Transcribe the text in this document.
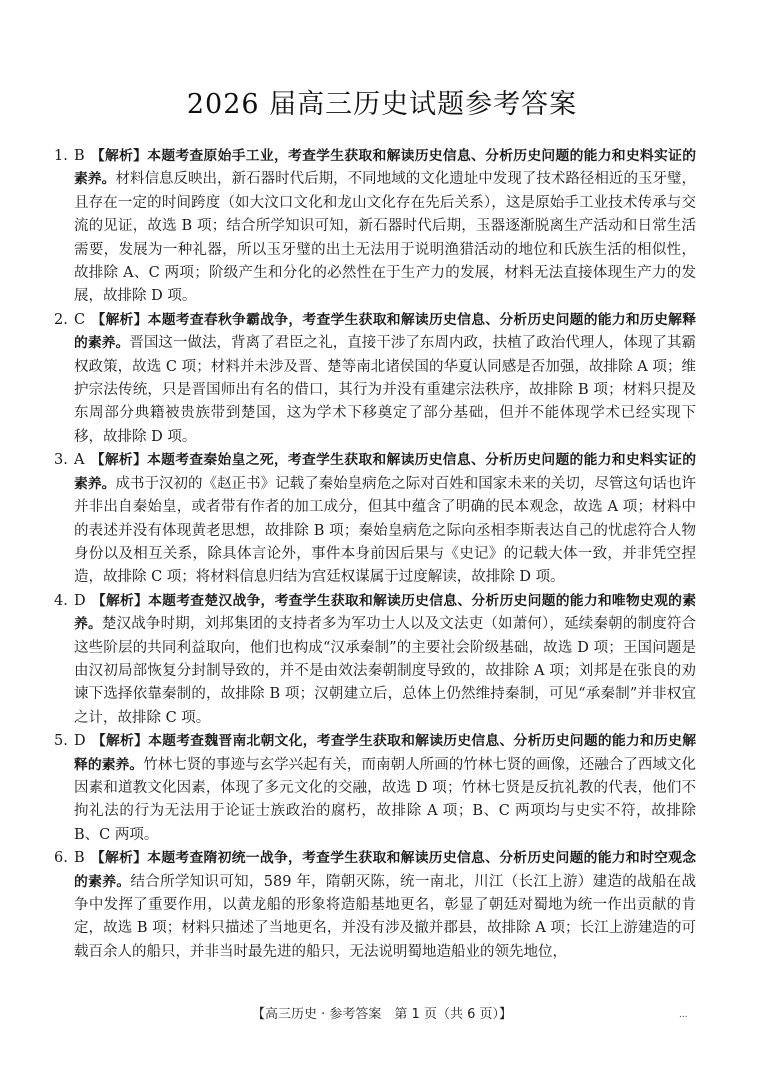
2026 届高三历史试题参考答案
1. B 【解析】本题考查原始手工业，考查学生获取和解读历史信息、分析历史问题的能力和史料实证的素养。材料信息反映出，新石器时代后期，不同地域的文化遗址中发现了技术路径相近的玉牙璧，且存在一定的时间跨度（如大汶口文化和龙山文化存在先后关系），这是原始手工业技术传承与交流的见证，故选 B 项；结合所学知识可知，新石器时代后期，玉器逐渐脱离生产活动和日常生活需要，发展为一种礼器，所以玉牙璧的出土无法用于说明渔猎活动的地位和氏族生活的相似性，故排除 A、C 两项；阶级产生和分化的必然性在于生产力的发展，材料无法直接体现生产力的发展，故排除 D 项。
2. C 【解析】本题考查春秋争霸战争，考查学生获取和解读历史信息、分析历史问题的能力和历史解释的素养。晋国这一做法，背离了君臣之礼，直接干涉了东周内政，扶植了政治代理人，体现了其霸权政策，故选 C 项；材料并未涉及晋、楚等南北诸侯国的华夏认同感是否加强，故排除 A 项；维护宗法传统，只是晋国师出有名的借口，其行为并没有重建宗法秩序，故排除 B 项；材料只提及东周部分典籍被贵族带到楚国，这为学术下移奠定了部分基础，但并不能体现学术已经实现下移，故排除 D 项。
3. A 【解析】本题考查秦始皇之死，考查学生获取和解读历史信息、分析历史问题的能力和史料实证的素养。成书于汉初的《赵正书》记载了秦始皇病危之际对百姓和国家未来的关切，尽管这句话也许并非出自秦始皇，或者带有作者的加工成分，但其中蕴含了明确的民本观念，故选 A 项；材料中的表述并没有体现黄老思想，故排除 B 项；秦始皇病危之际向丞相李斯表达自己的忧虑符合人物身份以及相互关系，除具体言论外，事件本身前因后果与《史记》的记载大体一致，并非凭空捏造，故排除 C 项；将材料信息归结为宫廷权谋属于过度解读，故排除 D 项。
4. D 【解析】本题考查楚汉战争，考查学生获取和解读历史信息、分析历史问题的能力和唯物史观的素养。楚汉战争时期，刘邦集团的支持者多为军功士人以及文法吏（如萧何），延续秦朝的制度符合这些阶层的共同利益取向，他们也构成“汉承秦制”的主要社会阶级基础，故选 D 项；王国问题是由汉初局部恢复分封制导致的，并不是由效法秦朝制度导致的，故排除 A 项；刘邦是在张良的劝谏下选择依靠秦制的，故排除 B 项；汉朝建立后，总体上仍然维持秦制，可见“承秦制”并非权宜之计，故排除 C 项。
5. D 【解析】本题考查魏晋南北朝文化，考查学生获取和解读历史信息、分析历史问题的能力和历史解释的素养。竹林七贤的事迹与玄学兴起有关，而南朝人所画的竹林七贤的画像，还融合了西域文化因素和道教文化因素，体现了多元文化的交融，故选 D 项；竹林七贤是反抗礼教的代表，他们不拘礼法的行为无法用于论证士族政治的腐朽，故排除 A 项；B、C 两项均与史实不符，故排除 B、C 两项。
6. B 【解析】本题考查隋初统一战争，考查学生获取和解读历史信息、分析历史问题的能力和时空观念的素养。结合所学知识可知，589 年，隋朝灭陈，统一南北，川江（长江上游）建造的战船在战争中发挥了重要作用，以黄龙船的形象将造船基地更名，彰显了朝廷对蜀地为统一作出贡献的肯定，故选 B 项；材料只描述了当地更名，并没有涉及撤并郡县，故排除 A 项；长江上游建造的可载百余人的船只，并非当时最先进的船只，无法说明蜀地造船业的领先地位，
【高三历史 · 参考答案　第 1 页（共 6 页）】	...
